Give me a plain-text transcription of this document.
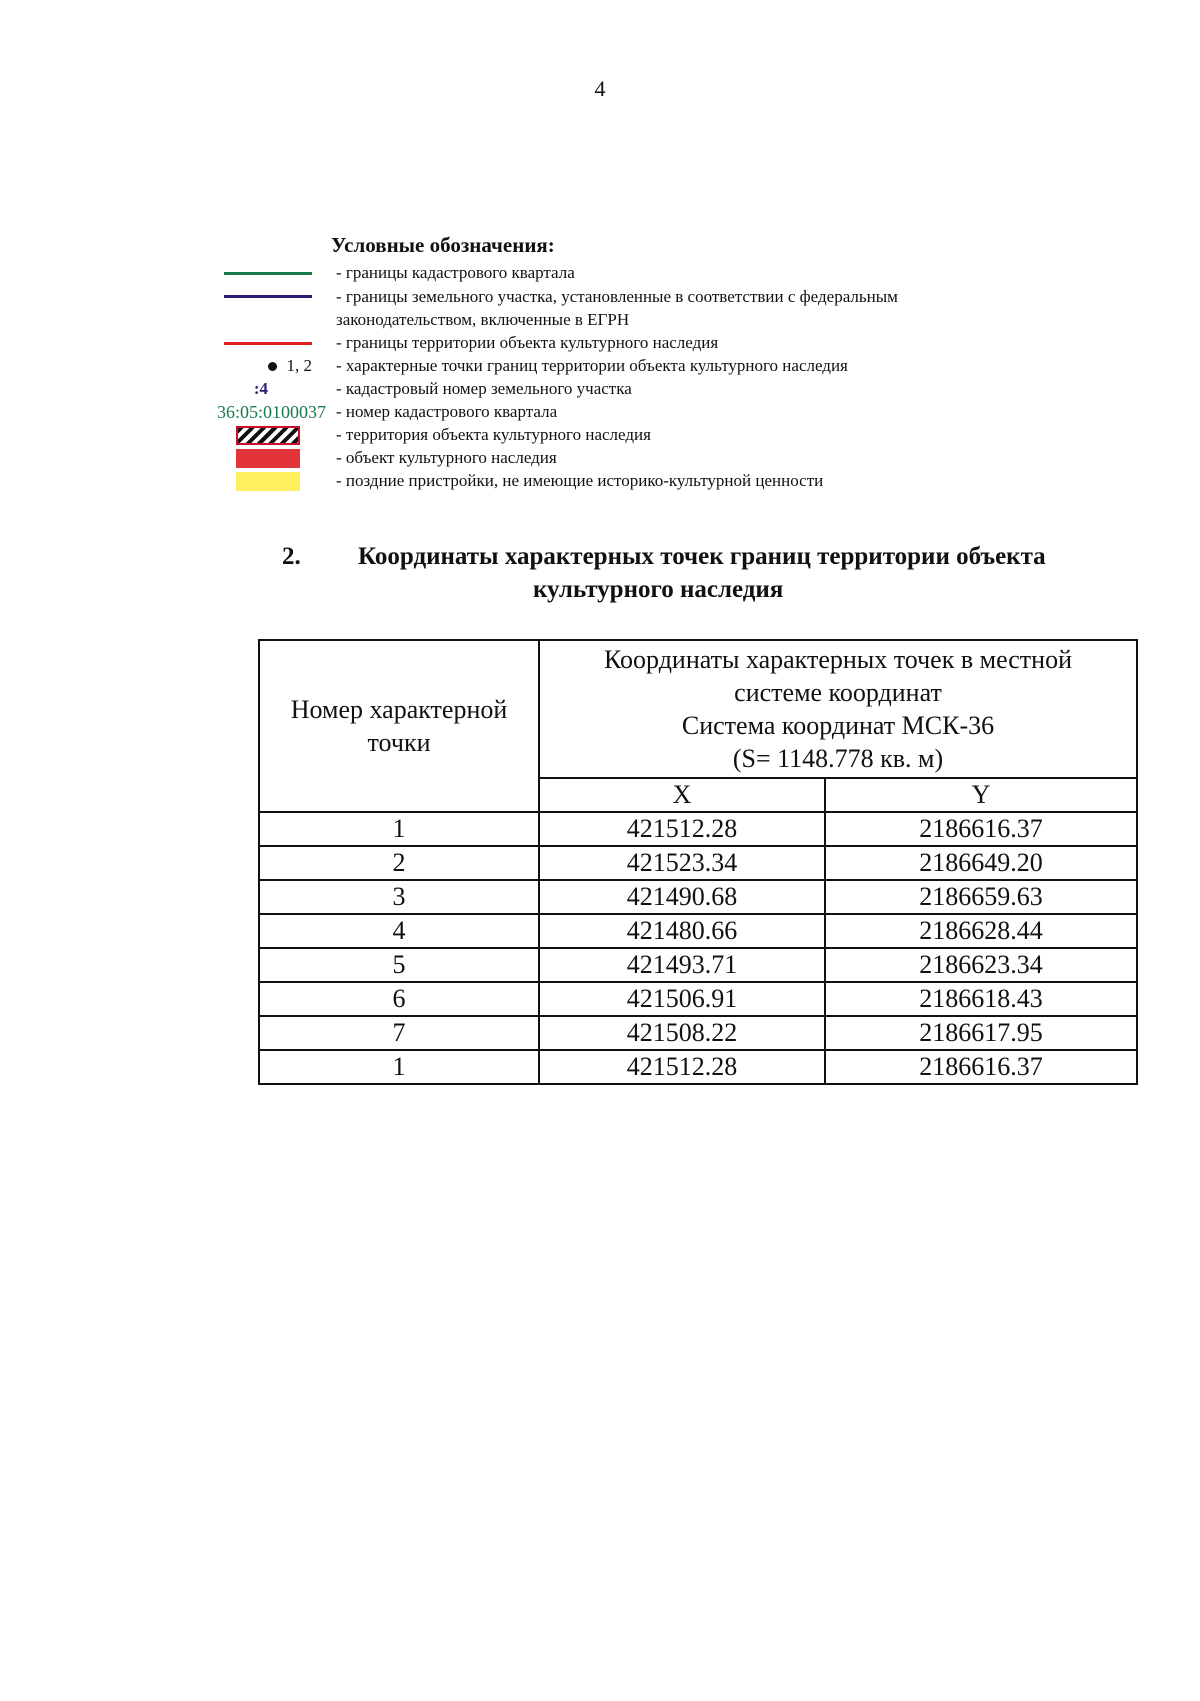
4
Условные обозначения:
- границы кадастрового квартала
- границы земельного участка, установленные в соответствии с федеральным законодательством, включенные в ЕГРН
- границы территории объекта культурного наследия
1, 2 - характерные точки границ территории объекта культурного наследия
:4	- кадастровый номер земельного участка
36:05:0100037 - номер кадастрового квартала
- территория объекта культурного наследия
- объект культурного наследия
- поздние пристройки, не имеющие историко-культурной ценности
2. Координаты характерных точек границ территории объекта
культурного наследия
Номер характерной точки	Координаты характерных точек в местной
системе координат
Система координат МСК-36
(S= 1148.778 кв. м)	

	X	Y
1	421512.28	2186616.37
2	421523.34	2186649.20
3	421490.68	2186659.63
4	421480.66	2186628.44
5	421493.71	2186623.34
6	421506.91	2186618.43
7	421508.22	2186617.95
1	421512.28	2186616.37
